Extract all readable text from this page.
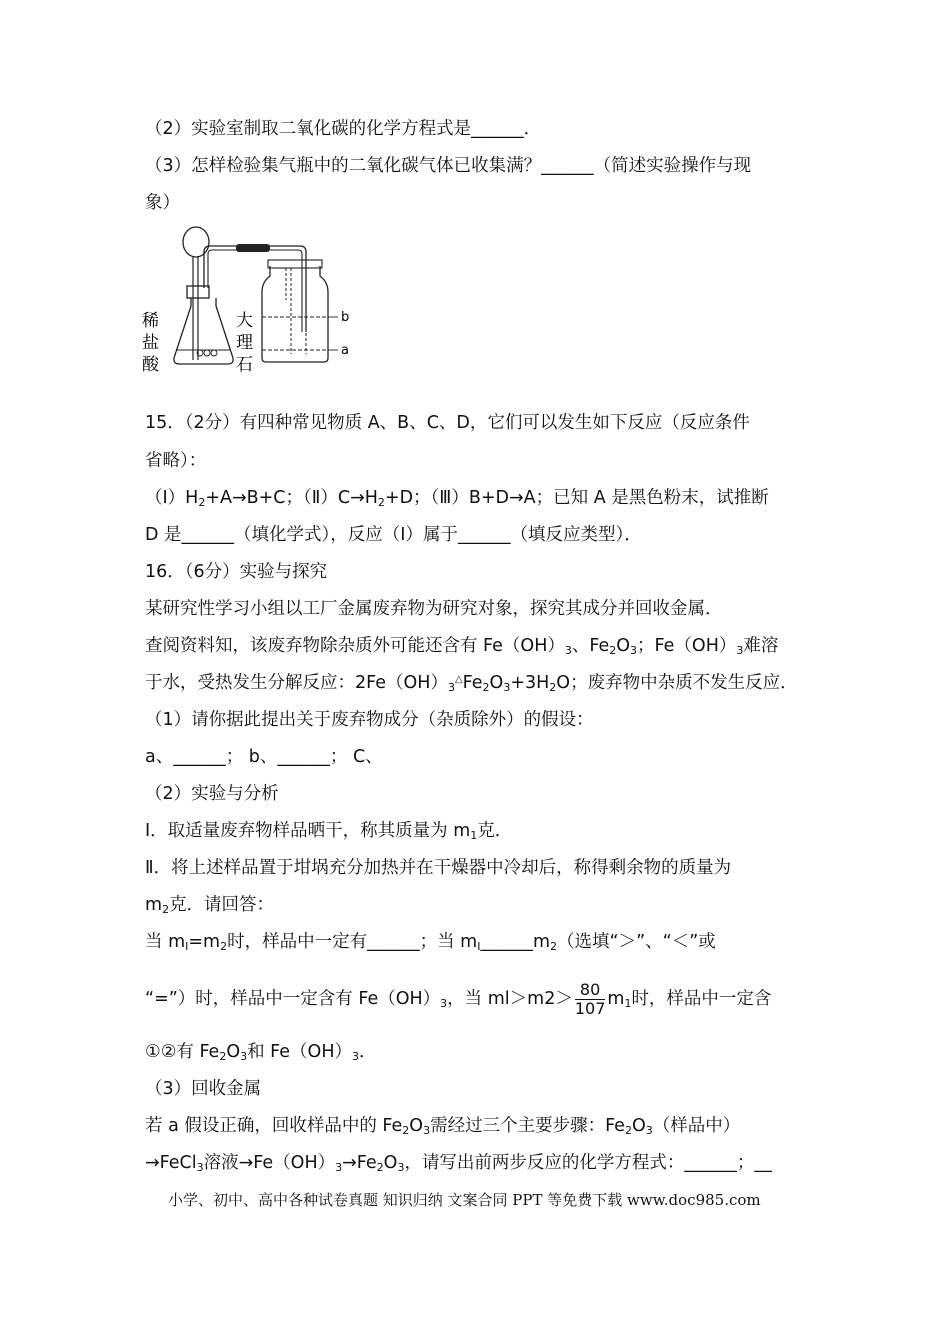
（2）实验室制取二氧化碳的化学方程式是______．
（3）怎样检验集气瓶中的二氧化碳气体已收集满？______（简述实验操作与现
象）
稀
盐
酸
大
理
石
b
a
15．（2分）有四种常见物质 A、B、C、D，它们可以发生如下反应（反应条件
省略）：
$(I)H_2+A\to B+C$；$(Ⅱ)C\to H_2+D$；（Ⅲ）B+D→A；已知 A 是黑色粉末，试推断
D 是______（填化学式），反应（I）属于______（填反应类型）．
16．（6分）实验与探究
某研究性学习小组以工厂金属废弃物为研究对象，探究其成分并回收金属．
查阅资料知，该废弃物除杂质外可能还含有 $Fe(OH)_3$、$Fe_2O_3$；$Fe(OH)_3$难溶
于水，受热发生分解反应：$2Fe(OH)_3^\triangle Fe_2O_3+3H_2O$；废弃物中杂质不发生反应．
（1）请你据此提出关于废弃物成分（杂质除外）的假设：
a、______； b、______； C、
（2）实验与分析
Ⅰ．取适量废弃物样品晒干，称其质量为 $m_1$克．
Ⅱ．将上述样品置于坩埚充分加热并在干燥器中冷却后，称得剩余物的质量为
$m_2$克．请回答：
当 $m_I=m_2$时，样品中一定有______；当 $m_I\_\_\_\_\_\_m_2$（选填“＞”、“＜”或
“=”）时，样品中一定含有 $Fe(OH)_3$，当 $ml>m2> \frac{80}{107} m_1$时，样品中一定含
①②有 $Fe_2O_3$和 $Fe(OH)_3$．
（3）回收金属
若 a 假设正确，回收样品中的 $Fe_2O_3$需经过三个主要步骤：$Fe_2O_3$（样品中）
→FeCl$_3$溶液$\to Fe(OH)_3\to Fe_2O_3$，请写出前两步反应的化学方程式：______；__
小学、初中、高中各种试卷真题 知识归纳 文案合同 PPT 等免费下载 www.doc985.com
